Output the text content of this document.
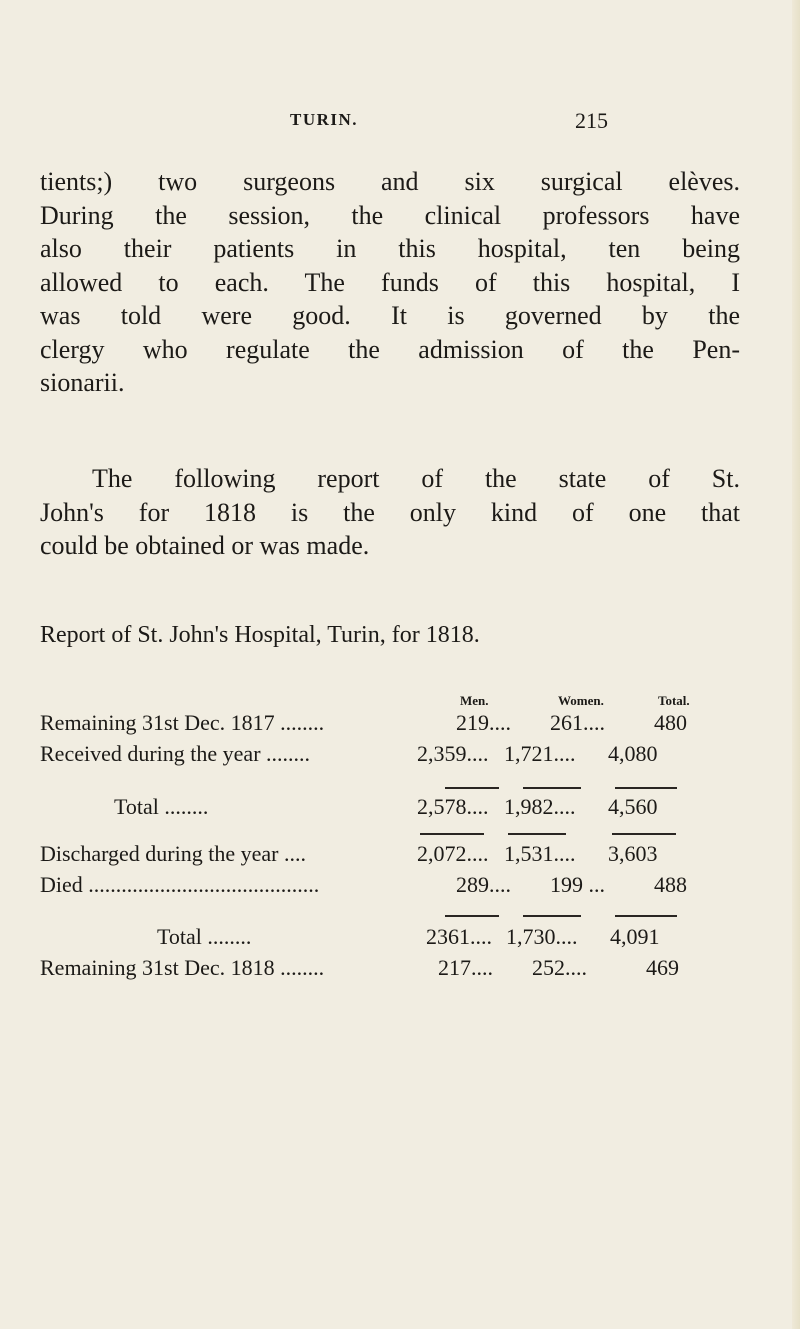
TURIN.	215
tients;) two surgeons and six surgical elèves.
During the session, the clinical professors have
also their patients in this hospital, ten being
allowed to each. The funds of this hospital, I
was told were good. It is governed by the
clergy who regulate the admission of the Pen-
sionarii.
The following report of the state of St.
John's for 1818 is the only kind of one that
could be obtained or was made.
Report of St. John's Hospital, Turin, for 1818.
Men.	Women.	Total.
Remaining 31st Dec. 1817 ........	219.... 261.... 480
Received during the year ........	2,359.... 1,721.... 4,080
Total ........	2,578.... 1,982.... 4,560
Discharged during the year ....	2,072.... 1,531.... 3,603
Died ..........................................	289.... 199 ... 488
Total ........	2361.... 1,730.... 4,091
Remaining 31st Dec. 1818 ........	217.... 252....	469
